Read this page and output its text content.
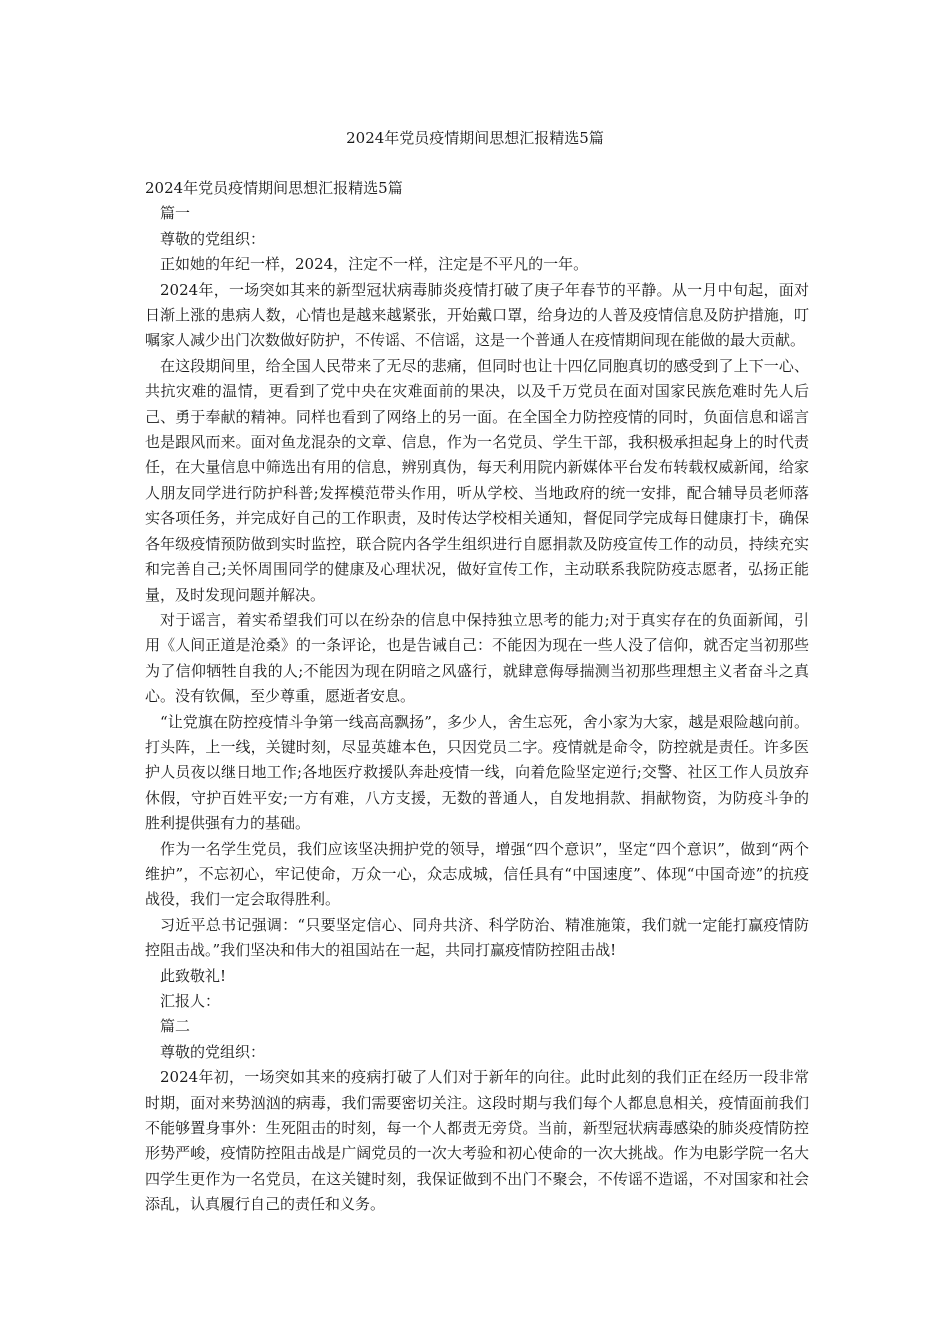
2024年党员疫情期间思想汇报精选5篇

2024年党员疫情期间思想汇报精选5篇

篇一

尊敬的党组织：

正如她的年纪一样，2024，注定不一样，注定是不平凡的一年。

2024年，一场突如其来的新型冠状病毒肺炎疫情打破了庚子年春节的平静。从一月中旬起，面对日渐上涨的患病人数，心情也是越来越紧张，开始戴口罩，给身边的人普及疫情信息及防护措施，叮嘱家人减少出门次数做好防护，不传谣、不信谣，这是一个普通人在疫情期间现在能做的最大贡献。

在这段期间里，给全国人民带来了无尽的悲痛，但同时也让十四亿同胞真切的感受到了上下一心、共抗灾难的温情，更看到了党中央在灾难面前的果决，以及千万党员在面对国家民族危难时先人后己、勇于奉献的精神。同样也看到了网络上的另一面。在全国全力防控疫情的同时，负面信息和谣言也是跟风而来。面对鱼龙混杂的文章、信息，作为一名党员、学生干部，我积极承担起身上的时代责任，在大量信息中筛选出有用的信息，辨别真伪，每天利用院内新媒体平台发布转载权威新闻，给家人朋友同学进行防护科普;发挥模范带头作用，听从学校、当地政府的统一安排，配合辅导员老师落实各项任务，并完成好自己的工作职责，及时传达学校相关通知，督促同学完成每日健康打卡，确保各年级疫情预防做到实时监控，联合院内各学生组织进行自愿捐款及防疫宣传工作的动员，持续充实和完善自己;关怀周围同学的健康及心理状况，做好宣传工作，主动联系我院防疫志愿者，弘扬正能量，及时发现问题并解决。

对于谣言，着实希望我们可以在纷杂的信息中保持独立思考的能力;对于真实存在的负面新闻，引用《人间正道是沧桑》的一条评论，也是告诫自己：不能因为现在一些人没了信仰，就否定当初那些为了信仰牺牲自我的人;不能因为现在阴暗之风盛行，就肆意侮辱揣测当初那些理想主义者奋斗之真心。没有钦佩，至少尊重，愿逝者安息。

“让党旗在防控疫情斗争第一线高高飘扬”，多少人，舍生忘死，舍小家为大家，越是艰险越向前。打头阵，上一线，关键时刻，尽显英雄本色，只因党员二字。疫情就是命令，防控就是责任。许多医护人员夜以继日地工作;各地医疗救援队奔赴疫情一线，向着危险坚定逆行;交警、社区工作人员放弃休假，守护百姓平安;一方有难，八方支援，无数的普通人，自发地捐款、捐献物资，为防疫斗争的胜利提供强有力的基础。

作为一名学生党员，我们应该坚决拥护党的领导，增强“四个意识”，坚定“四个意识”，做到“两个维护”，不忘初心，牢记使命，万众一心，众志成城，信任具有“中国速度”、体现“中国奇迹”的抗疫战役，我们一定会取得胜利。

习近平总书记强调：“只要坚定信心、同舟共济、科学防治、精准施策，我们就一定能打赢疫情防控阻击战。”我们坚决和伟大的祖国站在一起，共同打赢疫情防控阻击战!

此致敬礼!

汇报人：

篇二

尊敬的党组织：

2024年初，一场突如其来的疫病打破了人们对于新年的向往。此时此刻的我们正在经历一段非常时期，面对来势汹汹的病毒，我们需要密切关注。这段时期与我们每个人都息息相关，疫情面前我们不能够置身事外：生死阻击的时刻，每一个人都责无旁贷。当前，新型冠状病毒感染的肺炎疫情防控形势严峻，疫情防控阻击战是广阔党员的一次大考验和初心使命的一次大挑战。作为电影学院一名大四学生更作为一名党员，在这关键时刻，我保证做到不出门不聚会，不传谣不造谣，不对国家和社会添乱，认真履行自己的责任和义务。
